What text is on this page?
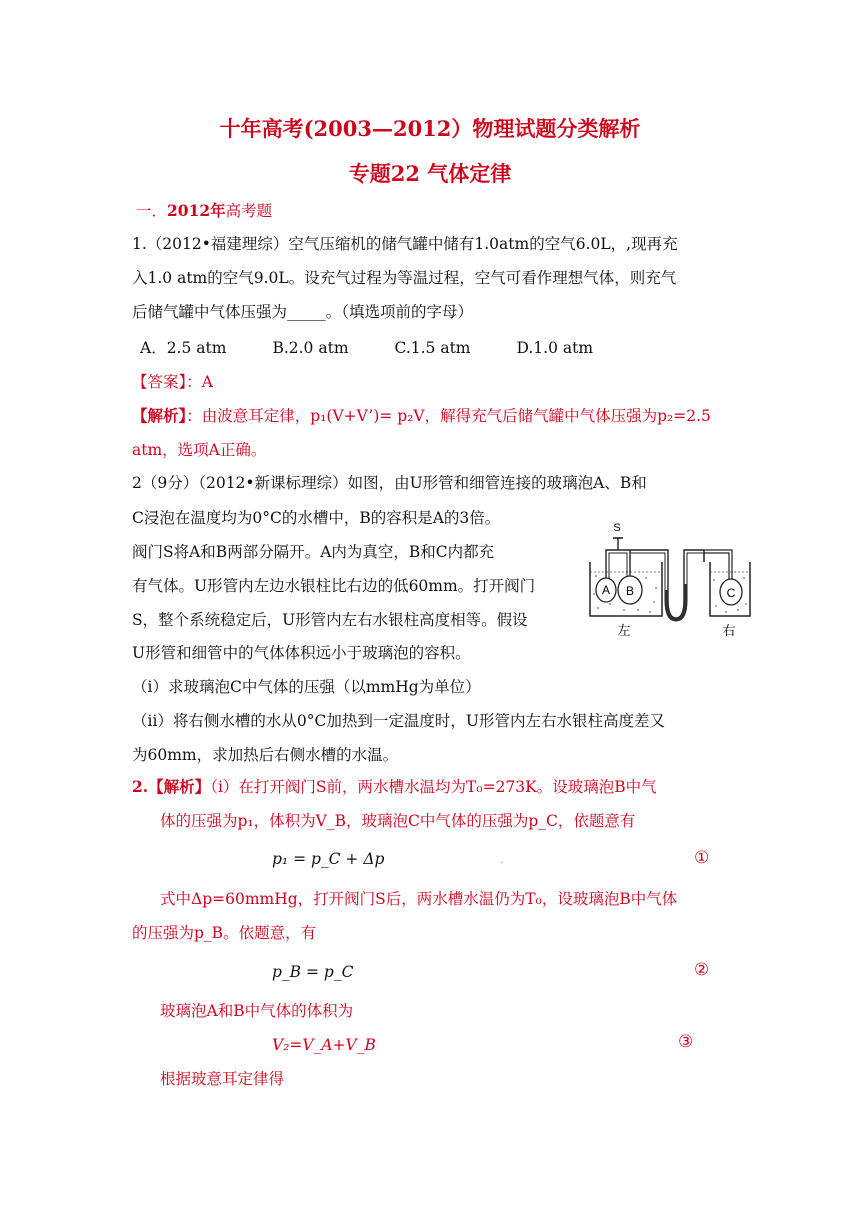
十年高考(2003—2012）物理试题分类解析
专题22 气体定律
一．2012年高考题
1.（2012•福建理综）空气压缩机的储气罐中储有1.0atm的空气6.0L，,现再充
入1.0 atm的空气9.0L。设充气过程为等温过程，空气可看作理想气体，则充气
后储气罐中气体压强为_____。（填选项前的字母）
A．2.5 atm	B.2.0 atm	C.1.5 atm	D.1.0 atm
【答案】：A
【解析】：由波意耳定律，p₁(V+V’)= p₂V，解得充气后储气罐中气体压强为p₂=2.5
atm，选项A正确。
2（9分）（2012•新课标理综）如图，由U形管和细管连接的玻璃泡A、B和
C浸泡在温度均为0°C的水槽中，B的容积是A的3倍。
阀门S将A和B两部分隔开。A内为真空，B和C内都充
有气体。U形管内左边水银柱比右边的低60mm。打开阀门
S，整个系统稳定后，U形管内左右水银柱高度相等。假设
U形管和细管中的气体体积远小于玻璃泡的容积。
（i）求玻璃泡C中气体的压强（以mmHg为单位）
（ii）将右侧水槽的水从0°C加热到一定温度时，U形管内左右水银柱高度差又
为60mm，求加热后右侧水槽的水温。
A B
S
C
左	右
2.【解析】（i）在打开阀门S前，两水槽水温均为T₀=273K。设玻璃泡B中气
体的压强为p₁，体积为V_B，玻璃泡C中气体的压强为p_C，依题意有
p₁ = p_C + Δp	.	①
式中Δp=60mmHg，打开阀门S后，两水槽水温仍为T₀，设玻璃泡B中气体
的压强为p_B。依题意，有
p_B = p_C	②
玻璃泡A和B中气体的体积为
V₂=V_A+V_B	③
根据玻意耳定律得
